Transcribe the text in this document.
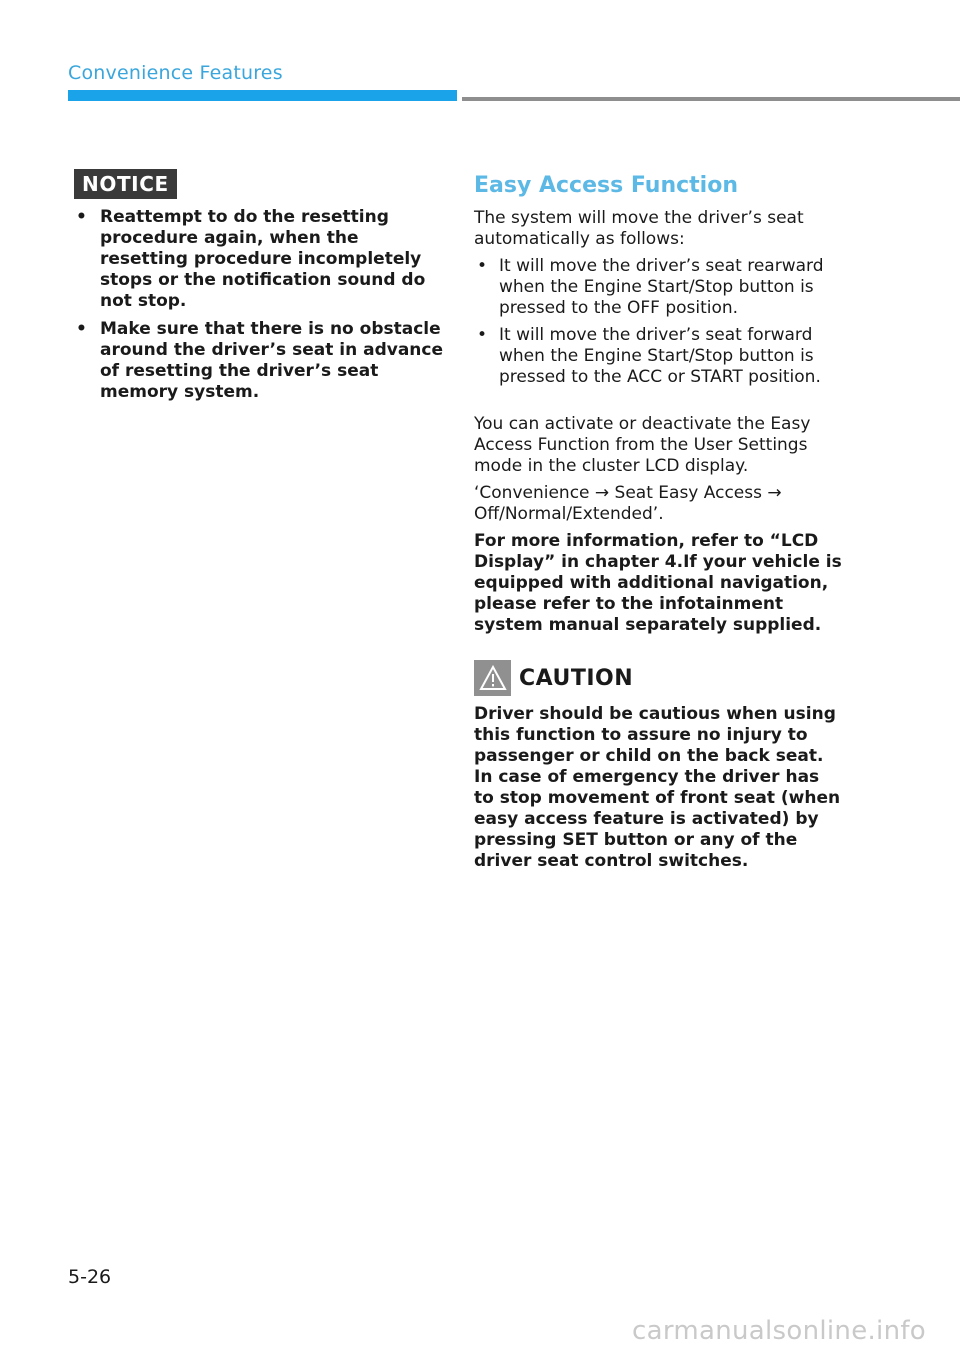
Convenience Features
NOTICE
• Reattempt to do the resetting procedure again, when the resetting procedure incompletely stops or the notification sound do not stop.
• Make sure that there is no obstacle around the driver’s seat in advance of resetting the driver’s seat memory system.
Easy Access Function

The system will move the driver’s seat automatically as follows:

• It will move the driver’s seat rearward when the Engine Start/Stop button is pressed to the OFF position.
• It will move the driver’s seat forward when the Engine Start/Stop button is pressed to the ACC or START position.

You can activate or deactivate the Easy Access Function from the User Settings mode in the cluster LCD display.

‘Convenience → Seat Easy Access → Off/Normal/Extended’.

For more information, refer to “LCD Display” in chapter 4.If your vehicle is equipped with additional navigation, please refer to the infotainment system manual separately supplied.

CAUTION

Driver should be cautious when using this function to assure no injury to passenger or child on the back seat. In case of emergency the driver has to stop movement of front seat (when easy access feature is activated) by pressing SET button or any of the driver seat control switches.

5-26
carmanualsonline.info
